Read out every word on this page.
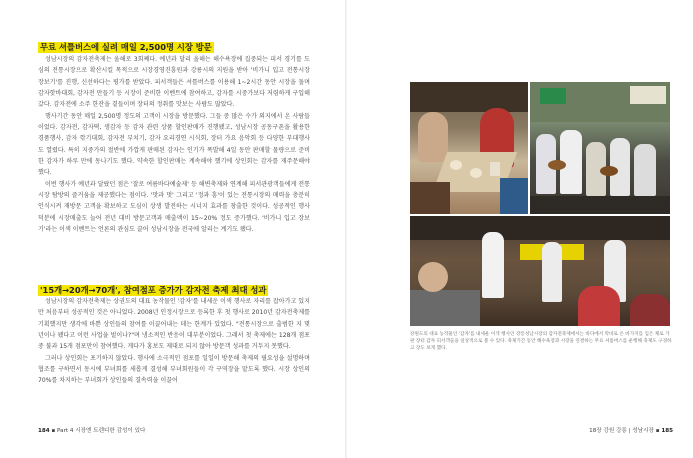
무료 셔틀버스에 실려 매일 2,500명 시장 방문

성남시장의 감자전축제는 올해로 3회째다. 예년과 달리 올해는 해수욕장에 집중되는 피서 경기를 도심의 전통시장으로 확산시킬 목적으로 시장경영진흥원과 강릉시의 지원을 받아 '비가니 입고 전통시장 장보기'를 진행, 신선하다는 평가를 받았다. 피서객들은 셔틀버스를 이용해 1~2시간 동안 시장을 돌며 감자핫바대회, 감자전 만들기 등 시장이 준비한 이벤트에 참여하고, 감자를 시중가보다 저렴하게 구입해갔다. 감자전에 소주 한잔을 곁들이며 장터의 정취를 맛보는 사람도 많았다.

행사기간 동안 매일 2,500명 정도의 고객이 시장을 방문했다. 그들 중 많은 수가 외지에서 온 사람들이었다. 감자전, 감자떡, 생감자 등 감자 관련 상품 할인판매가 진행됐고, 성남시장 공동구폰을 활용한 경품행사, 감자 깎기대회, 감자전 부치기, 감자 요리경연 시식회, 장터 가요 음악회 등 다양한 부대행사도 열렸다. 특히 지중가의 절반에 가깝게 판매된 감자는 인기가 폭발해 4일 동안 판매할 물량으로 준비한 감자가 하루 만에 동나기도 했다. 약속한 할인판매는 계속해야 했기에 상인회는 감자를 재주문해야 했다.

이번 행사가 예년과 달랐던 점은 '잘로 여름바다예술제' 등 해변축제와 연계해 피서관광객들에게 전통시장 탐방의 즐거움을 제공했다는 점이다. '맛과 멋' 그리고 '정과 흥'이 있는 전통시장의 매력을 충분히 인식시켜 재방문 고객을 확보하고 도심이 상생 발전하는 시너지 효과를 창출한 것이다. 성공적인 행사 덕분에 시장매출도 늘어 전년 대비 방문고객과 매출액이 15~20% 정도 증가했다. '비가니 입고 장보기'라는 이색 이벤트는 언론의 관심도 끌어 성남시장을 전국에 알리는 계기도 됐다.

'15개→20개→70개', 참여점포 증가가 감자전 축제 최대 성과

성남시장의 감자전축제는 상권도의 대표 농작물인 '감자'를 내세운 이색 행사로 자리를 잡아가고 있지만 처음부터 성공적인 것은 아니었다. 2008년 인정시장으로 등록한 후 첫 행사로 2010년 감자전축제를 기획했지만 생각에 바쁜 상인들의 참여를 이끌어내는 데는 한계가 있었다. "전통시장으로 출범한 지 몇 년이나 됐다고 이런 사업을 벌이나?"며 냉소적인 반응이 대부분이었다. 그래서 첫 축제에는 128개 점포 중 불과 15개 점포만이 참여했다. 게다가 홍보도 제대로 되지 않아 방문객 성과를 거두지 못했다.

그러나 상인회는 포기하지 않았다. 행사에 소극적인 점포를 일일이 방문해 축제의 필요성을 설명하며 협조를 구하면서 동시에 부녀회를 새롭게 결성해 부녀회원들이 각 구역장을 맡도록 했다. 시장 상인의 70%를 차지하는 부녀회가 상인들의 결속력을 이끌어

184 ▪ Part 4 시장엔 트렌디한 감성이 있다

강원도의 대표 농작물인 '감자'를 내세운 이색 행사인 강릉성남시장의 감자전축제에서는 바다에서 막바로 온 바가지를 입은 채로 가판 장터 감자 피서객들을 일상적으로 볼 수 있다. 축제기간 동안 해수욕장과 시장을 연결하는 무료 셔틀버스를 운행해 축제도 구경하고 장도 보게 했다.

18장 강원 강릉 | 성남시장 ▪ 185
